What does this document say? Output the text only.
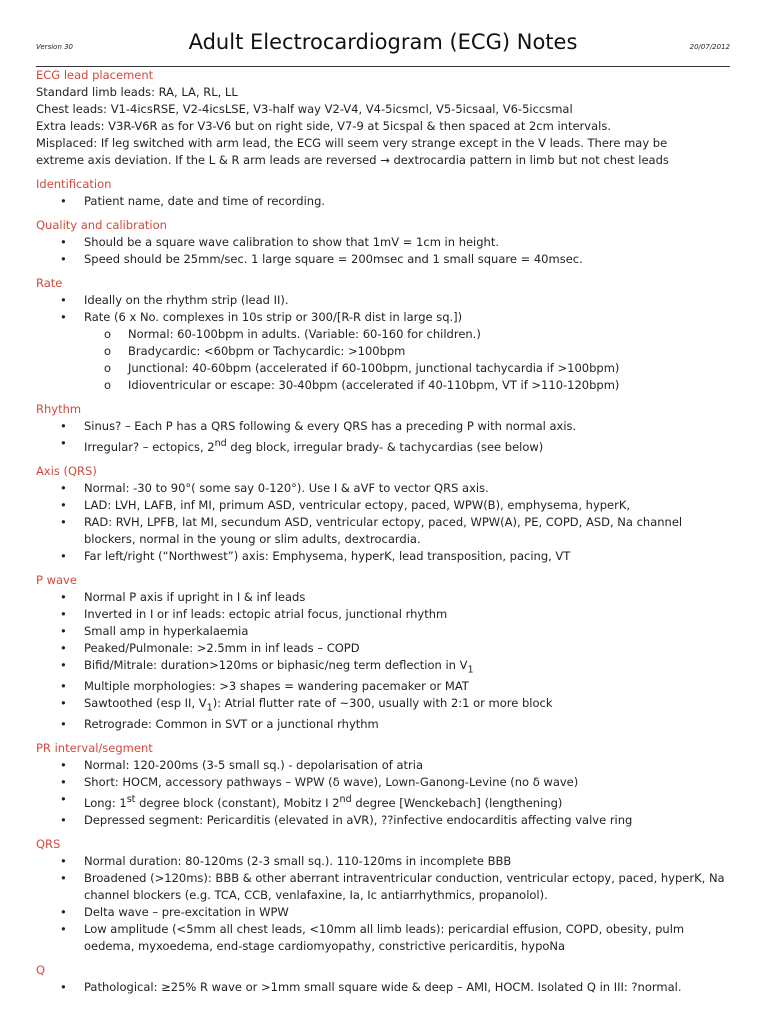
Version 30	Adult Electrocardiogram (ECG) Notes	20/07/2012
ECG lead placement
Standard limb leads: RA, LA, RL, LL
Chest leads: V1-4icsRSE, V2-4icsLSE, V3-half way V2-V4, V4-5icsmcl, V5-5icsaal, V6-5iccsmal
Extra leads: V3R-V6R as for V3-V6 but on right side, V7-9 at 5icspal & then spaced at 2cm intervals.
Misplaced: If leg switched with arm lead, the ECG will seem very strange except in the V leads. There may be
extreme axis deviation. If the L & R arm leads are reversed → dextrocardia pattern in limb but not chest leads
Identification
• Patient name, date and time of recording.
Quality and calibration
• Should be a square wave calibration to show that 1mV = 1cm in height.
• Speed should be 25mm/sec. 1 large square = 200msec and 1 small square = 40msec.
Rate
• Ideally on the rhythm strip (lead II).
• Rate (6 x No. complexes in 10s strip or 300/[R-R dist in large sq.])
o Normal: 60-100bpm in adults. (Variable: 60-160 for children.)
o Bradycardic: <60bpm or Tachycardic: >100bpm
o Junctional: 40-60bpm (accelerated if 60-100bpm, junctional tachycardia if >100bpm)
o Idioventricular or escape: 30-40bpm (accelerated if 40-110bpm, VT if >110-120bpm)
Rhythm
• Sinus? – Each P has a QRS following & every QRS has a preceding P with normal axis.
• Irregular? – ectopics, 2nd deg block, irregular brady- & tachycardias (see below)
Axis (QRS)
• Normal: -30 to 90°( some say 0-120°). Use I & aVF to vector QRS axis.
• LAD: LVH, LAFB, inf MI, primum ASD, ventricular ectopy, paced, WPW(B), emphysema, hyperK,
• RAD: RVH, LPFB, lat MI, secundum ASD, ventricular ectopy, paced, WPW(A), PE, COPD, ASD, Na channel blockers, normal in the young or slim adults, dextrocardia.
• Far left/right (“Northwest”) axis: Emphysema, hyperK, lead transposition, pacing, VT
P wave
• Normal P axis if upright in I & inf leads
• Inverted in I or inf leads: ectopic atrial focus, junctional rhythm
• Small amp in hyperkalaemia
• Peaked/Pulmonale: >2.5mm in inf leads – COPD
• Bifid/Mitrale: duration>120ms or biphasic/neg term deflection in $V_1$
• Multiple morphologies: >3 shapes = wandering pacemaker or MAT
• Sawtoothed (esp II, $V_1$): Atrial flutter rate of ~300, usually with 2:1 or more block
• Retrograde: Common in SVT or a junctional rhythm
PR interval/segment
• Normal: 120-200ms (3-5 small sq.) - depolarisation of atria
• Short: HOCM, accessory pathways – WPW (δ wave), Lown-Ganong-Levine (no δ wave)
• Long: 1st degree block (constant), Mobitz I 2nd degree [Wenckebach] (lengthening)
• Depressed segment: Pericarditis (elevated in aVR), ??infective endocarditis affecting valve ring
QRS
• Normal duration: 80-120ms (2-3 small sq.). 110-120ms in incomplete BBB
• Broadened (>120ms): BBB & other aberrant intraventricular conduction, ventricular ectopy, paced, hyperK, Na channel blockers (e.g. TCA, CCB, venlafaxine, Ia, Ic antiarrhythmics, propanolol).
• Delta wave – pre-excitation in WPW
• Low amplitude (<5mm all chest leads, <10mm all limb leads): pericardial effusion, COPD, obesity, pulm oedema, myxoedema, end-stage cardiomyopathy, constrictive pericarditis, hypoNa
Q
• Pathological: ≥25% R wave or >1mm small square wide & deep – AMI, HOCM. Isolated Q in III: ?normal.
